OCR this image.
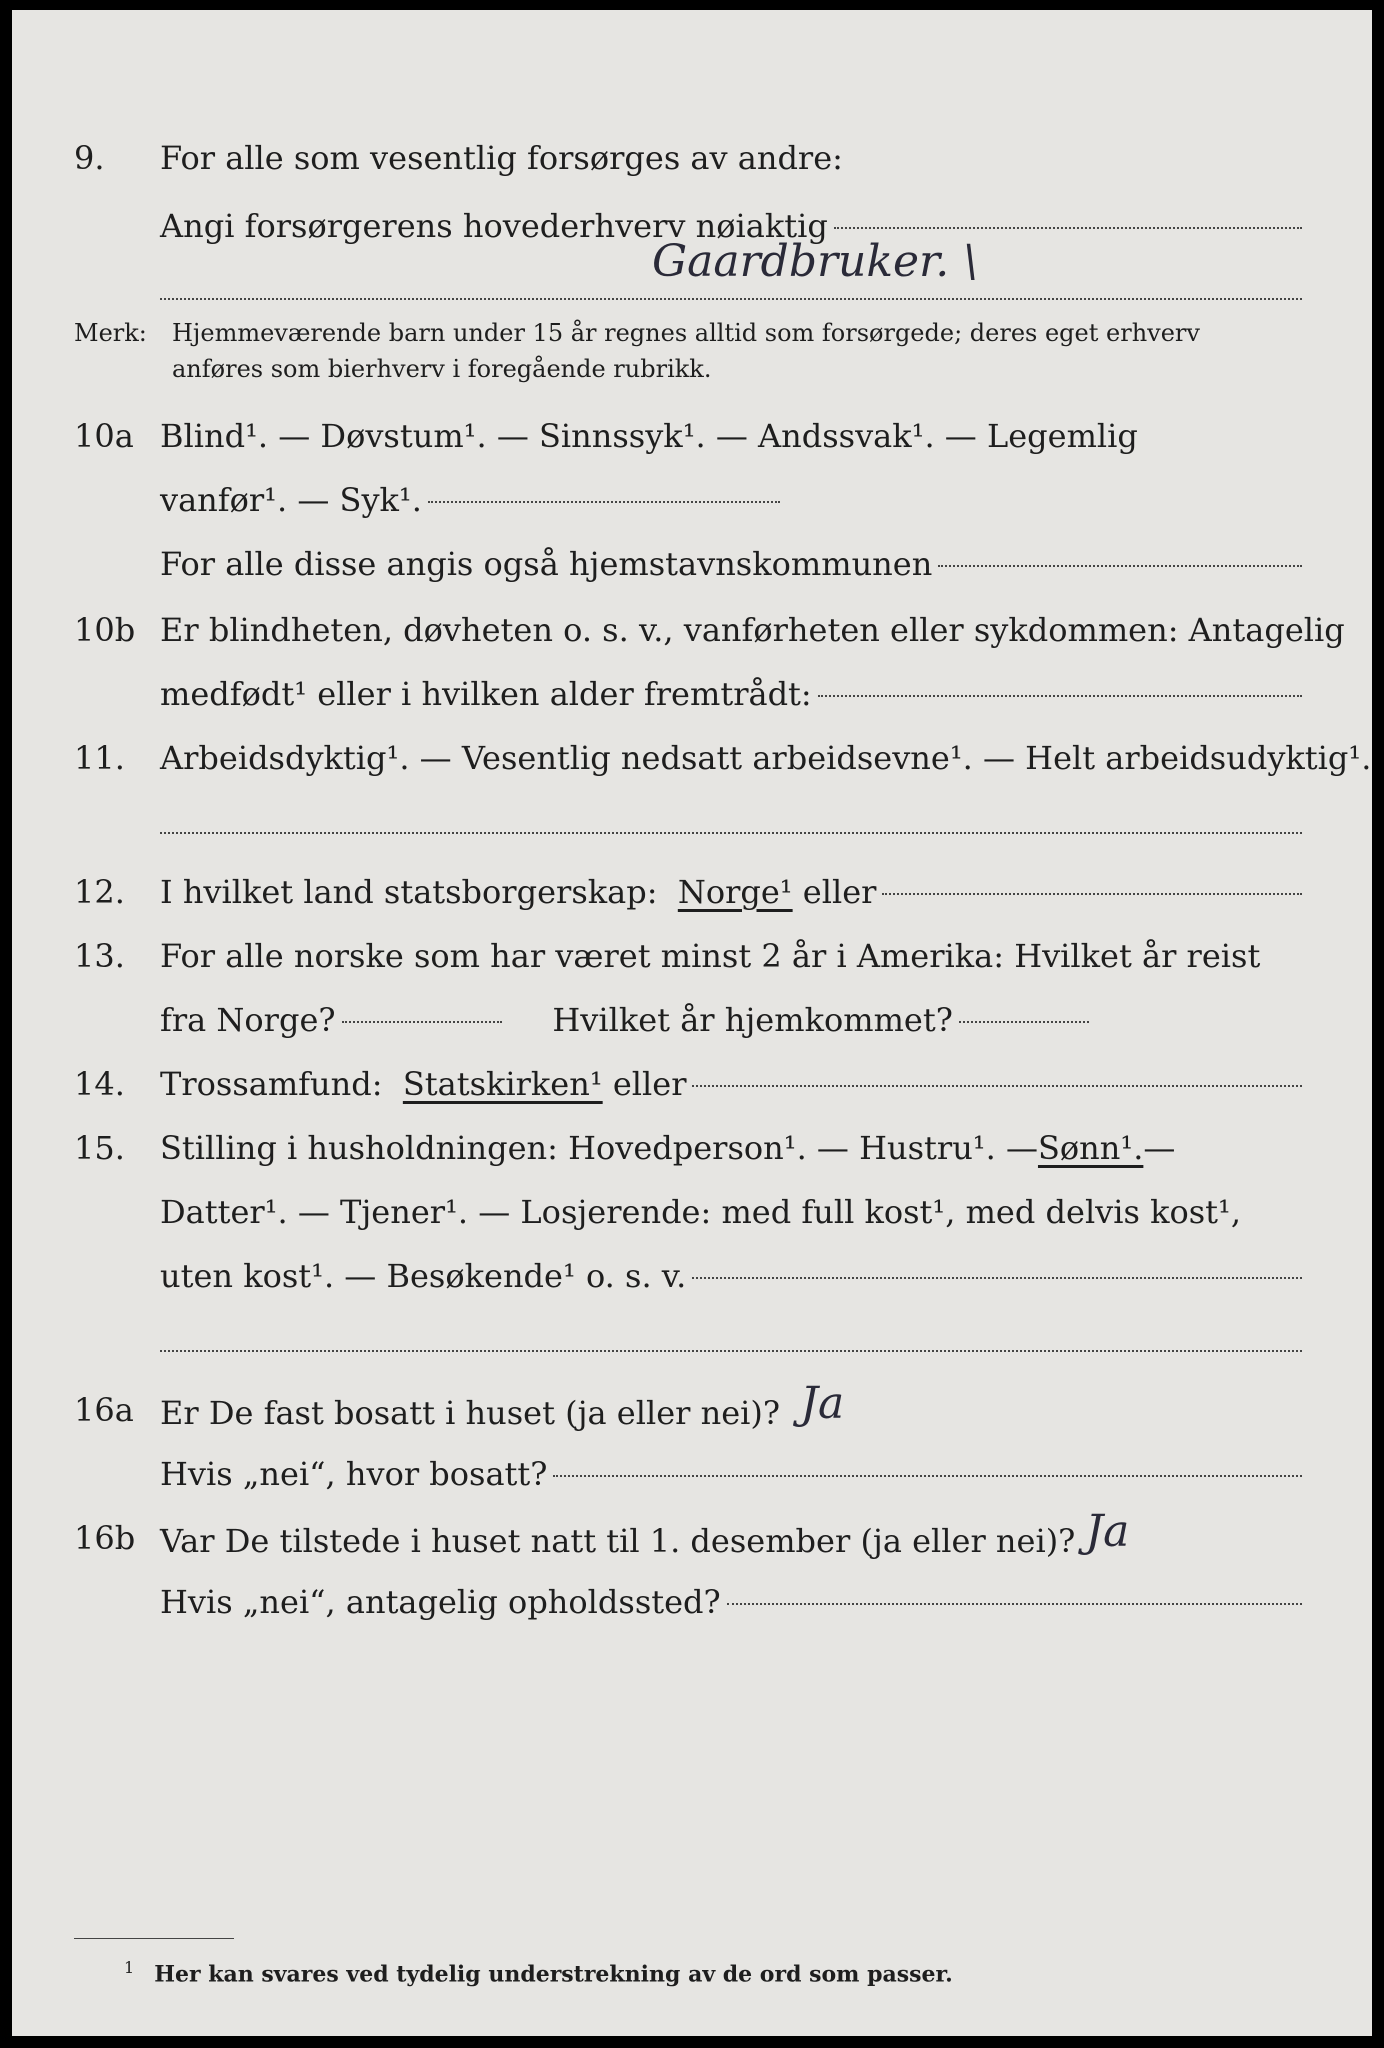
9. For alle som vesentlig forsørges av andre:
Angi forsørgerens hovederhverv nøiaktig
Gaardbruker. \
Merk: Hjemmeværende barn under 15 år regnes alltid som forsørgede; deres eget erhverv
anføres som bierhverv i foregående rubrikk.
10a Blind¹. — Døvstum¹. — Sinnssyk¹. — Andssvak¹. — Legemlig
vanfør¹. — Syk¹.
For alle disse angis også hjemstavnskommunen
10b Er blindheten, døvheten o. s. v., vanførheten eller sykdommen: Antagelig
medfødt¹ eller i hvilken alder fremtrådt:
11. Arbeidsdyktig¹. — Vesentlig nedsatt arbeidsevne¹. — Helt arbeidsudyktig¹.
12. I hvilket land statsborgerskap:
Norge¹
eller
13. For alle norske som har været minst 2 år i Amerika: Hvilket år reist
fra Norge?
	Hvilket år hjemkommet?
14. Trossamfund:
Statskirken¹
eller
15. Stilling i husholdningen: Hovedperson¹. — Hustru¹. — Sønn¹. —
Datter¹. — Tjener¹. — Losjerende: med full kost¹, med delvis kost¹,
uten kost¹. — Besøkende¹ o. s. v.
16a Er De fast bosatt i huset (ja eller nei)?
Ja
Hvis „nei“, hvor bosatt?
16b Var De tilstede i huset natt til 1. desember (ja eller nei)?
Ja
Hvis „nei“, antagelig opholdssted?
$^1$ Her kan svares ved tydelig understrekning av de ord som passer.
